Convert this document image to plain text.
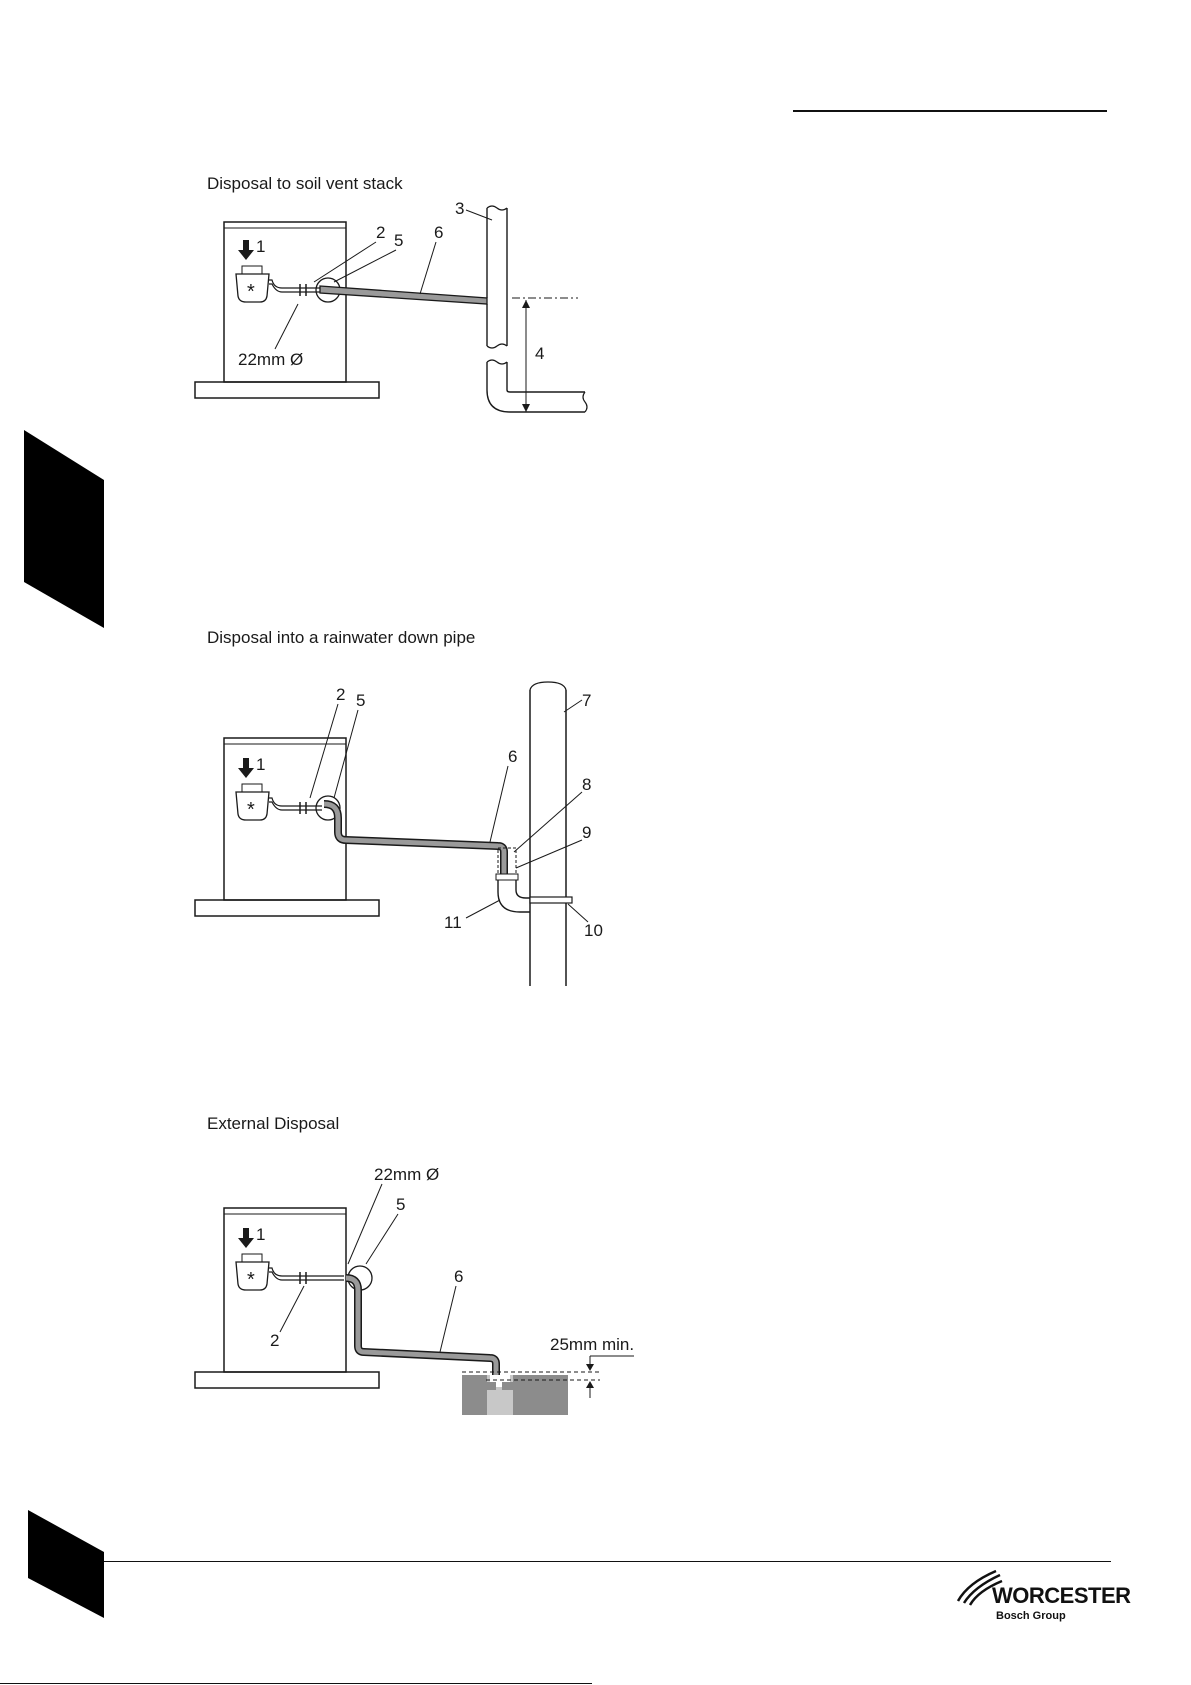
Disposal to soil vent stack
1
*
4
3
2 5 6
22mm Ø
Disposal into a rainwater down pipe
1
*
7
2 5
6
8
9
10
11
External Disposal
1
*
25mm min.
22mm Ø
5
6
2
WORCESTER
Bosch Group
